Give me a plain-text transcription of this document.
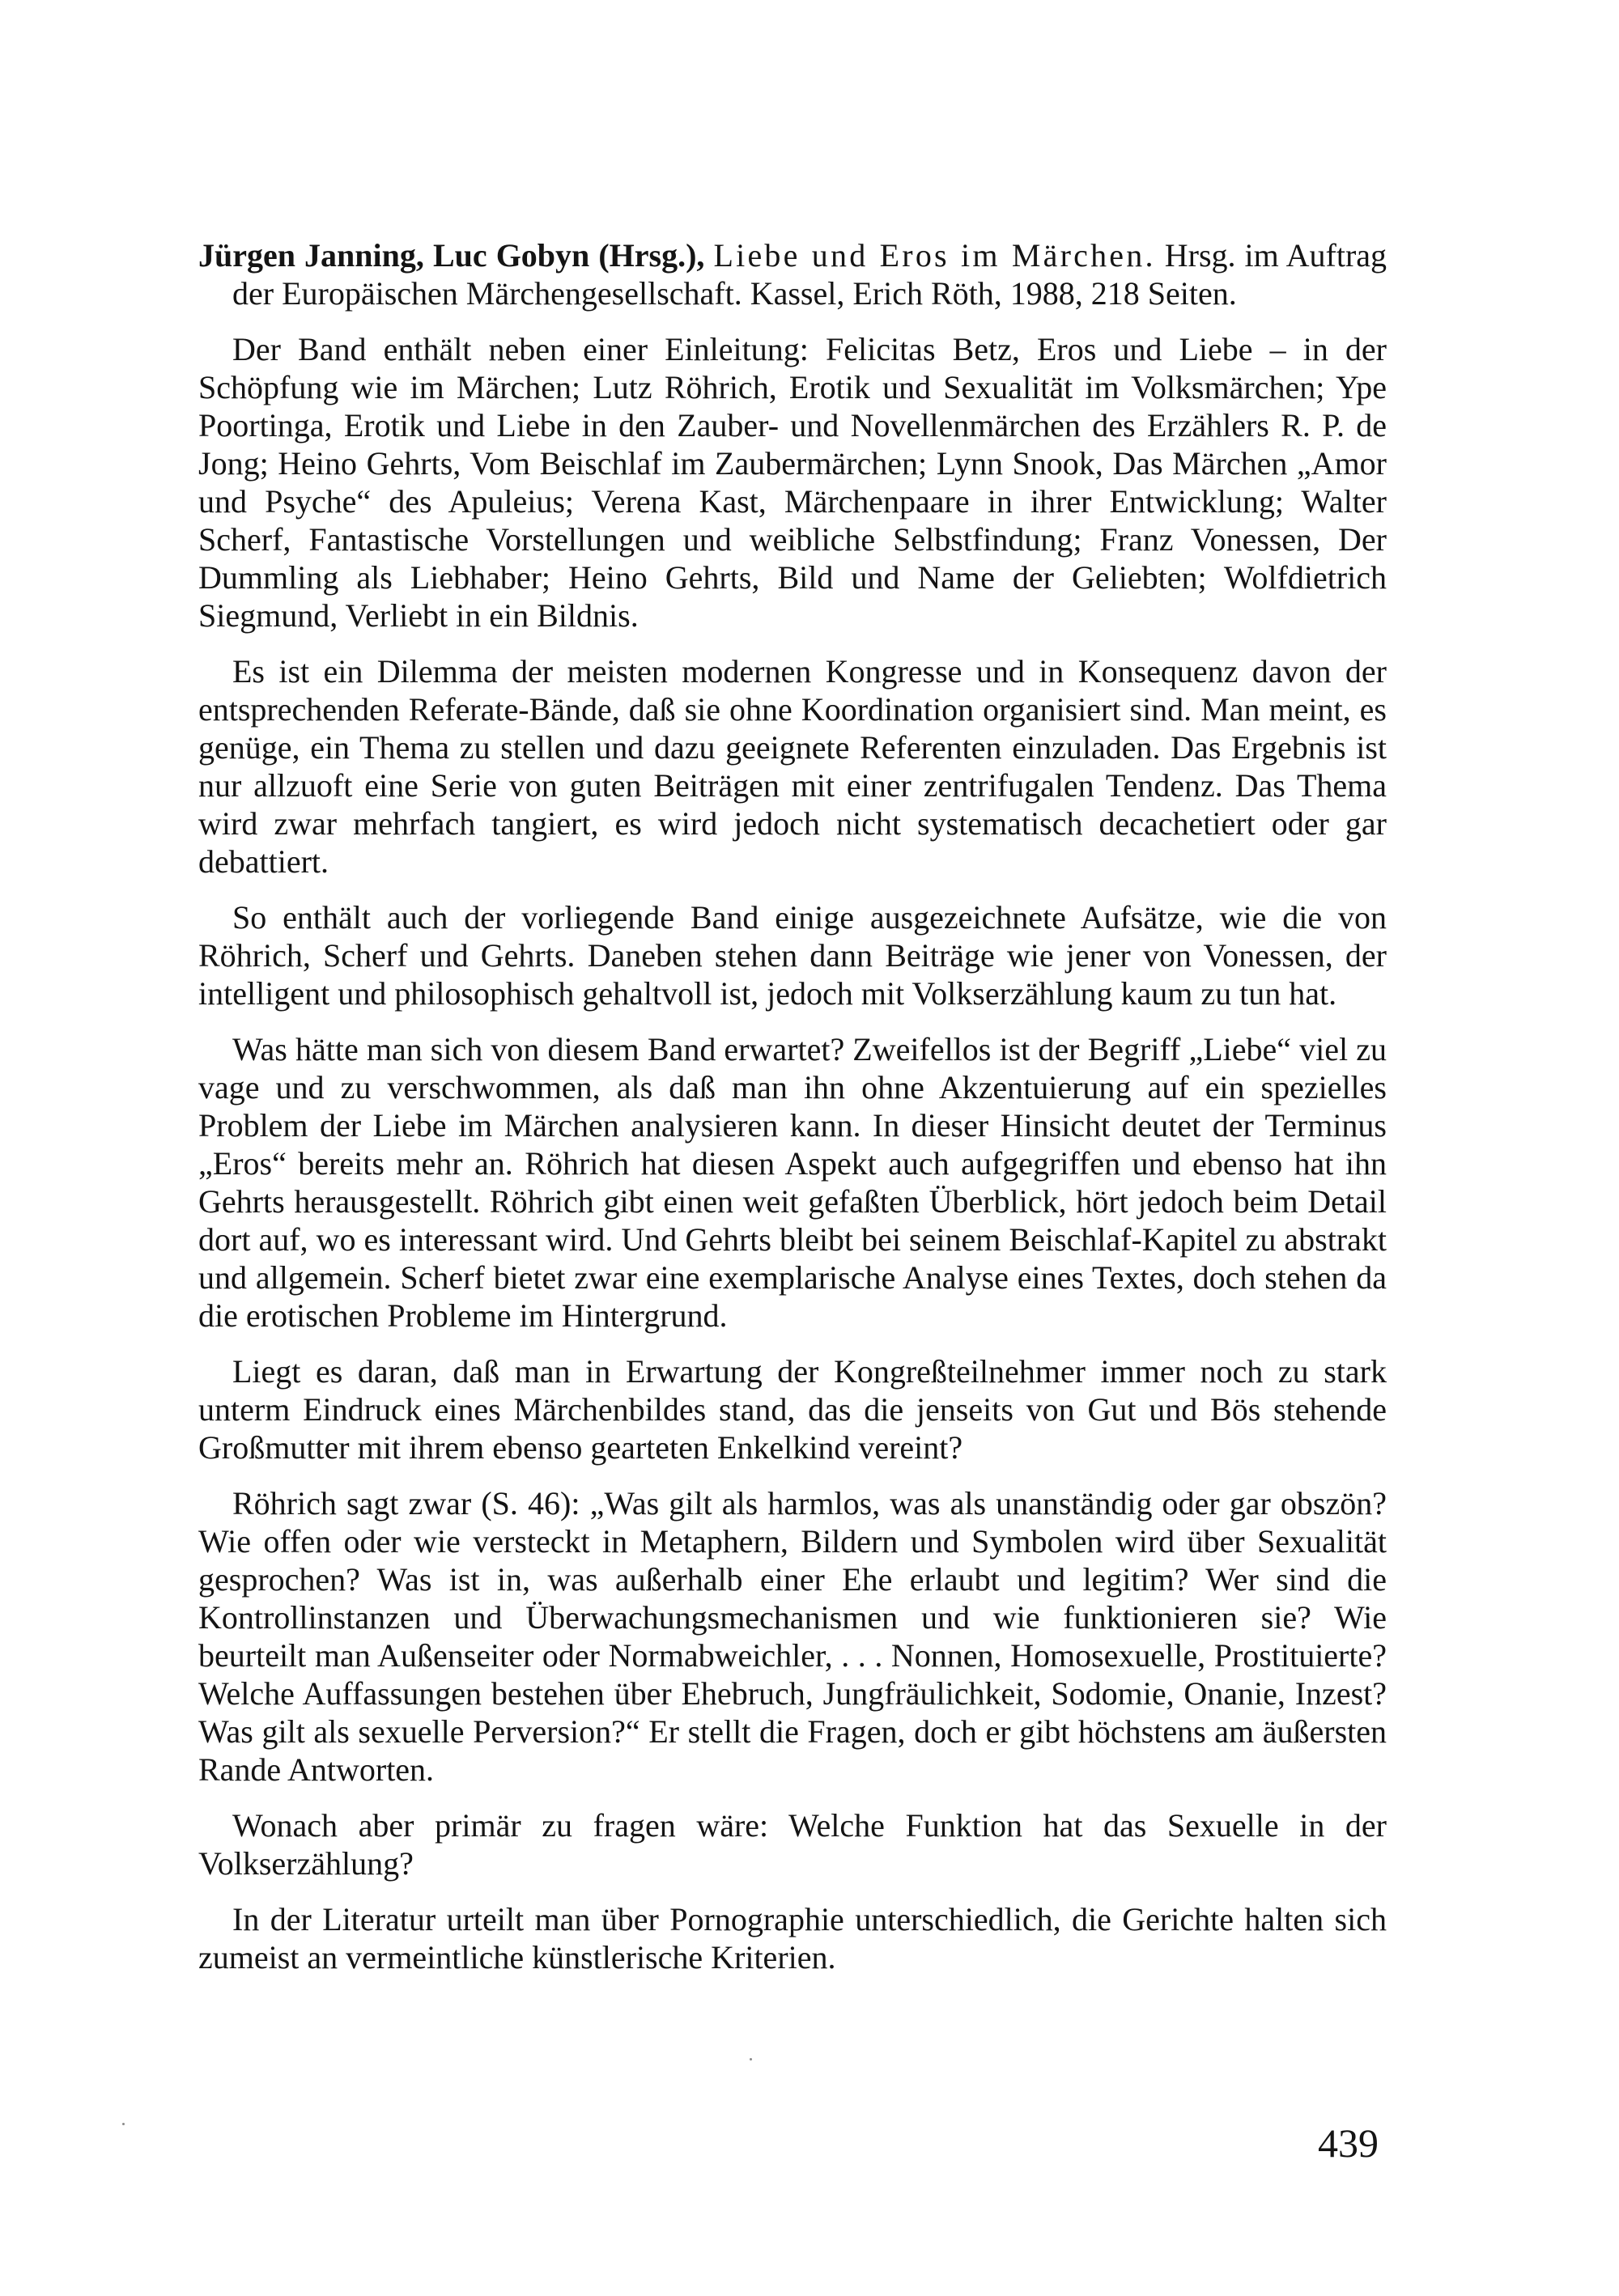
Jürgen Janning, Luc Gobyn (Hrsg.), Liebe und Eros im Märchen. Hrsg. im Auftrag der Europäischen Märchengesellschaft. Kassel, Erich Röth, 1988, 218 Seiten.

Der Band enthält neben einer Einleitung: Felicitas Betz, Eros und Liebe – in der Schöpfung wie im Märchen; Lutz Röhrich, Erotik und Sexualität im Volksmärchen; Ype Poortinga, Erotik und Liebe in den Zauber- und Novellenmärchen des Erzählers R. P. de Jong; Heino Gehrts, Vom Beischlaf im Zaubermärchen; Lynn Snook, Das Märchen „Amor und Psyche“ des Apuleius; Verena Kast, Märchenpaare in ihrer Entwicklung; Walter Scherf, Fantastische Vorstellungen und weibliche Selbstfindung; Franz Vonessen, Der Dummling als Liebhaber; Heino Gehrts, Bild und Name der Geliebten; Wolfdietrich Siegmund, Verliebt in ein Bildnis.

Es ist ein Dilemma der meisten modernen Kongresse und in Konsequenz davon der entsprechenden Referate-Bände, daß sie ohne Koordination organisiert sind. Man meint, es genüge, ein Thema zu stellen und dazu geeignete Referenten einzuladen. Das Ergebnis ist nur allzuoft eine Serie von guten Beiträgen mit einer zentrifugalen Tendenz. Das Thema wird zwar mehrfach tangiert, es wird jedoch nicht systematisch decachetiert oder gar debattiert.

So enthält auch der vorliegende Band einige ausgezeichnete Aufsätze, wie die von Röhrich, Scherf und Gehrts. Daneben stehen dann Beiträge wie jener von Vonessen, der intelligent und philosophisch gehaltvoll ist, jedoch mit Volkserzählung kaum zu tun hat.

Was hätte man sich von diesem Band erwartet? Zweifellos ist der Begriff „Liebe“ viel zu vage und zu verschwommen, als daß man ihn ohne Akzentuierung auf ein spezielles Problem der Liebe im Märchen analysieren kann. In dieser Hinsicht deutet der Terminus „Eros“ bereits mehr an. Röhrich hat diesen Aspekt auch aufgegriffen und ebenso hat ihn Gehrts herausgestellt. Röhrich gibt einen weit gefaßten Überblick, hört jedoch beim Detail dort auf, wo es interessant wird. Und Gehrts bleibt bei seinem Beischlaf-Kapitel zu abstrakt und allgemein. Scherf bietet zwar eine exemplarische Analyse eines Textes, doch stehen da die erotischen Probleme im Hintergrund.

Liegt es daran, daß man in Erwartung der Kongreßteilnehmer immer noch zu stark unterm Eindruck eines Märchenbildes stand, das die jenseits von Gut und Bös stehende Großmutter mit ihrem ebenso gearteten Enkelkind vereint?

Röhrich sagt zwar (S. 46): „Was gilt als harmlos, was als unanständig oder gar obszön? Wie offen oder wie versteckt in Metaphern, Bildern und Symbolen wird über Sexualität gesprochen? Was ist in, was außerhalb einer Ehe erlaubt und legitim? Wer sind die Kontrollinstanzen und Überwachungsmechanismen und wie funktionieren sie? Wie beurteilt man Außenseiter oder Normabweichler, . . . Nonnen, Homosexuelle, Prostituierte? Welche Auffassungen bestehen über Ehebruch, Jungfräulichkeit, Sodomie, Onanie, Inzest? Was gilt als sexuelle Perversion?“ Er stellt die Fragen, doch er gibt höchstens am äußersten Rande Antworten.

Wonach aber primär zu fragen wäre: Welche Funktion hat das Sexuelle in der Volkserzählung?

In der Literatur urteilt man über Pornographie unterschiedlich, die Gerichte halten sich zumeist an vermeintliche künstlerische Kriterien.

439
